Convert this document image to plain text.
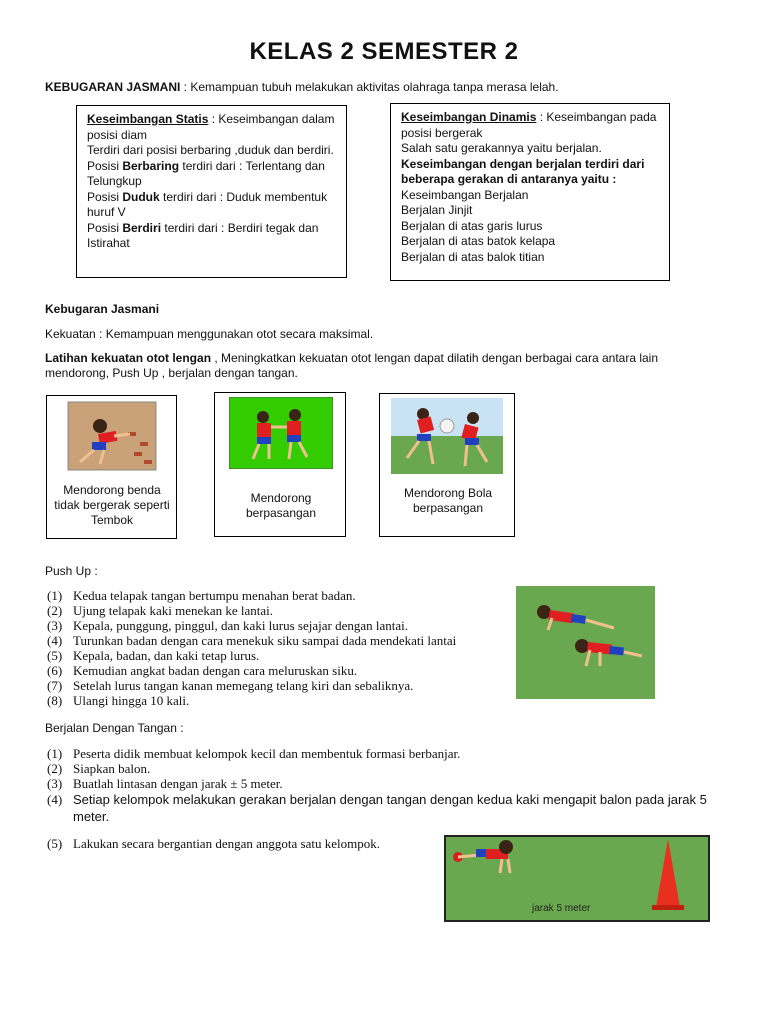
KELAS 2 SEMESTER 2
KEBUGARAN JASMANI : Kemampuan tubuh melakukan aktivitas olahraga tanpa merasa lelah.

Keseimbangan Statis : Keseimbangan dalam posisi diam

Terdiri dari posisi berbaring ,duduk dan berdiri.

Posisi Berbaring terdiri dari : Terlentang dan Telungkup

Posisi Duduk terdiri dari : Duduk membentuk huruf V

Posisi Berdiri terdiri dari : Berdiri tegak dan Istirahat

Keseimbangan Dinamis : Keseimbangan pada posisi bergerak

Salah satu gerakannya yaitu berjalan.

Keseimbangan dengan berjalan terdiri dari beberapa gerakan di antaranya yaitu :

Keseimbangan Berjalan

Berjalan Jinjit

Berjalan di atas garis lurus

Berjalan di atas batok kelapa

Berjalan di atas balok titian

Kebugaran Jasmani
Kekuatan : Kemampuan menggunakan otot secara maksimal.
Latihan kekuatan otot lengan , Meningkatkan kekuatan otot lengan dapat dilatih dengan berbagai cara antara lain mendorong, Push Up , berjalan dengan tangan.
Mendorong benda tidak bergerak seperti Tembok
Mendorong berpasangan
Mendorong Bola berpasangan
Push Up :
(1) Kedua telapak tangan bertumpu menahan berat badan.
(2) Ujung telapak kaki menekan ke lantai.
(3) Kepala, punggung, pinggul, dan kaki lurus sejajar dengan lantai.
(4) Turunkan badan dengan cara menekuk siku sampai dada mendekati lantai
(5) Kepala, badan, dan kaki tetap lurus.
(6) Kemudian angkat badan dengan cara meluruskan siku.
(7) Setelah lurus tangan kanan memegang telang kiri dan sebaliknya.
(8) Ulangi hingga 10 kali.
Berjalan Dengan Tangan :
(1) Peserta didik membuat kelompok kecil dan membentuk formasi berbanjar.
(2) Siapkan balon.
(3) Buatlah lintasan dengan jarak ± 5 meter.
(4) Setiap kelompok melakukan gerakan berjalan dengan tangan dengan kedua kaki mengapit balon pada jarak 5 meter.
(5) Lakukan secara bergantian dengan anggota satu kelompok.
jarak 5 meter
